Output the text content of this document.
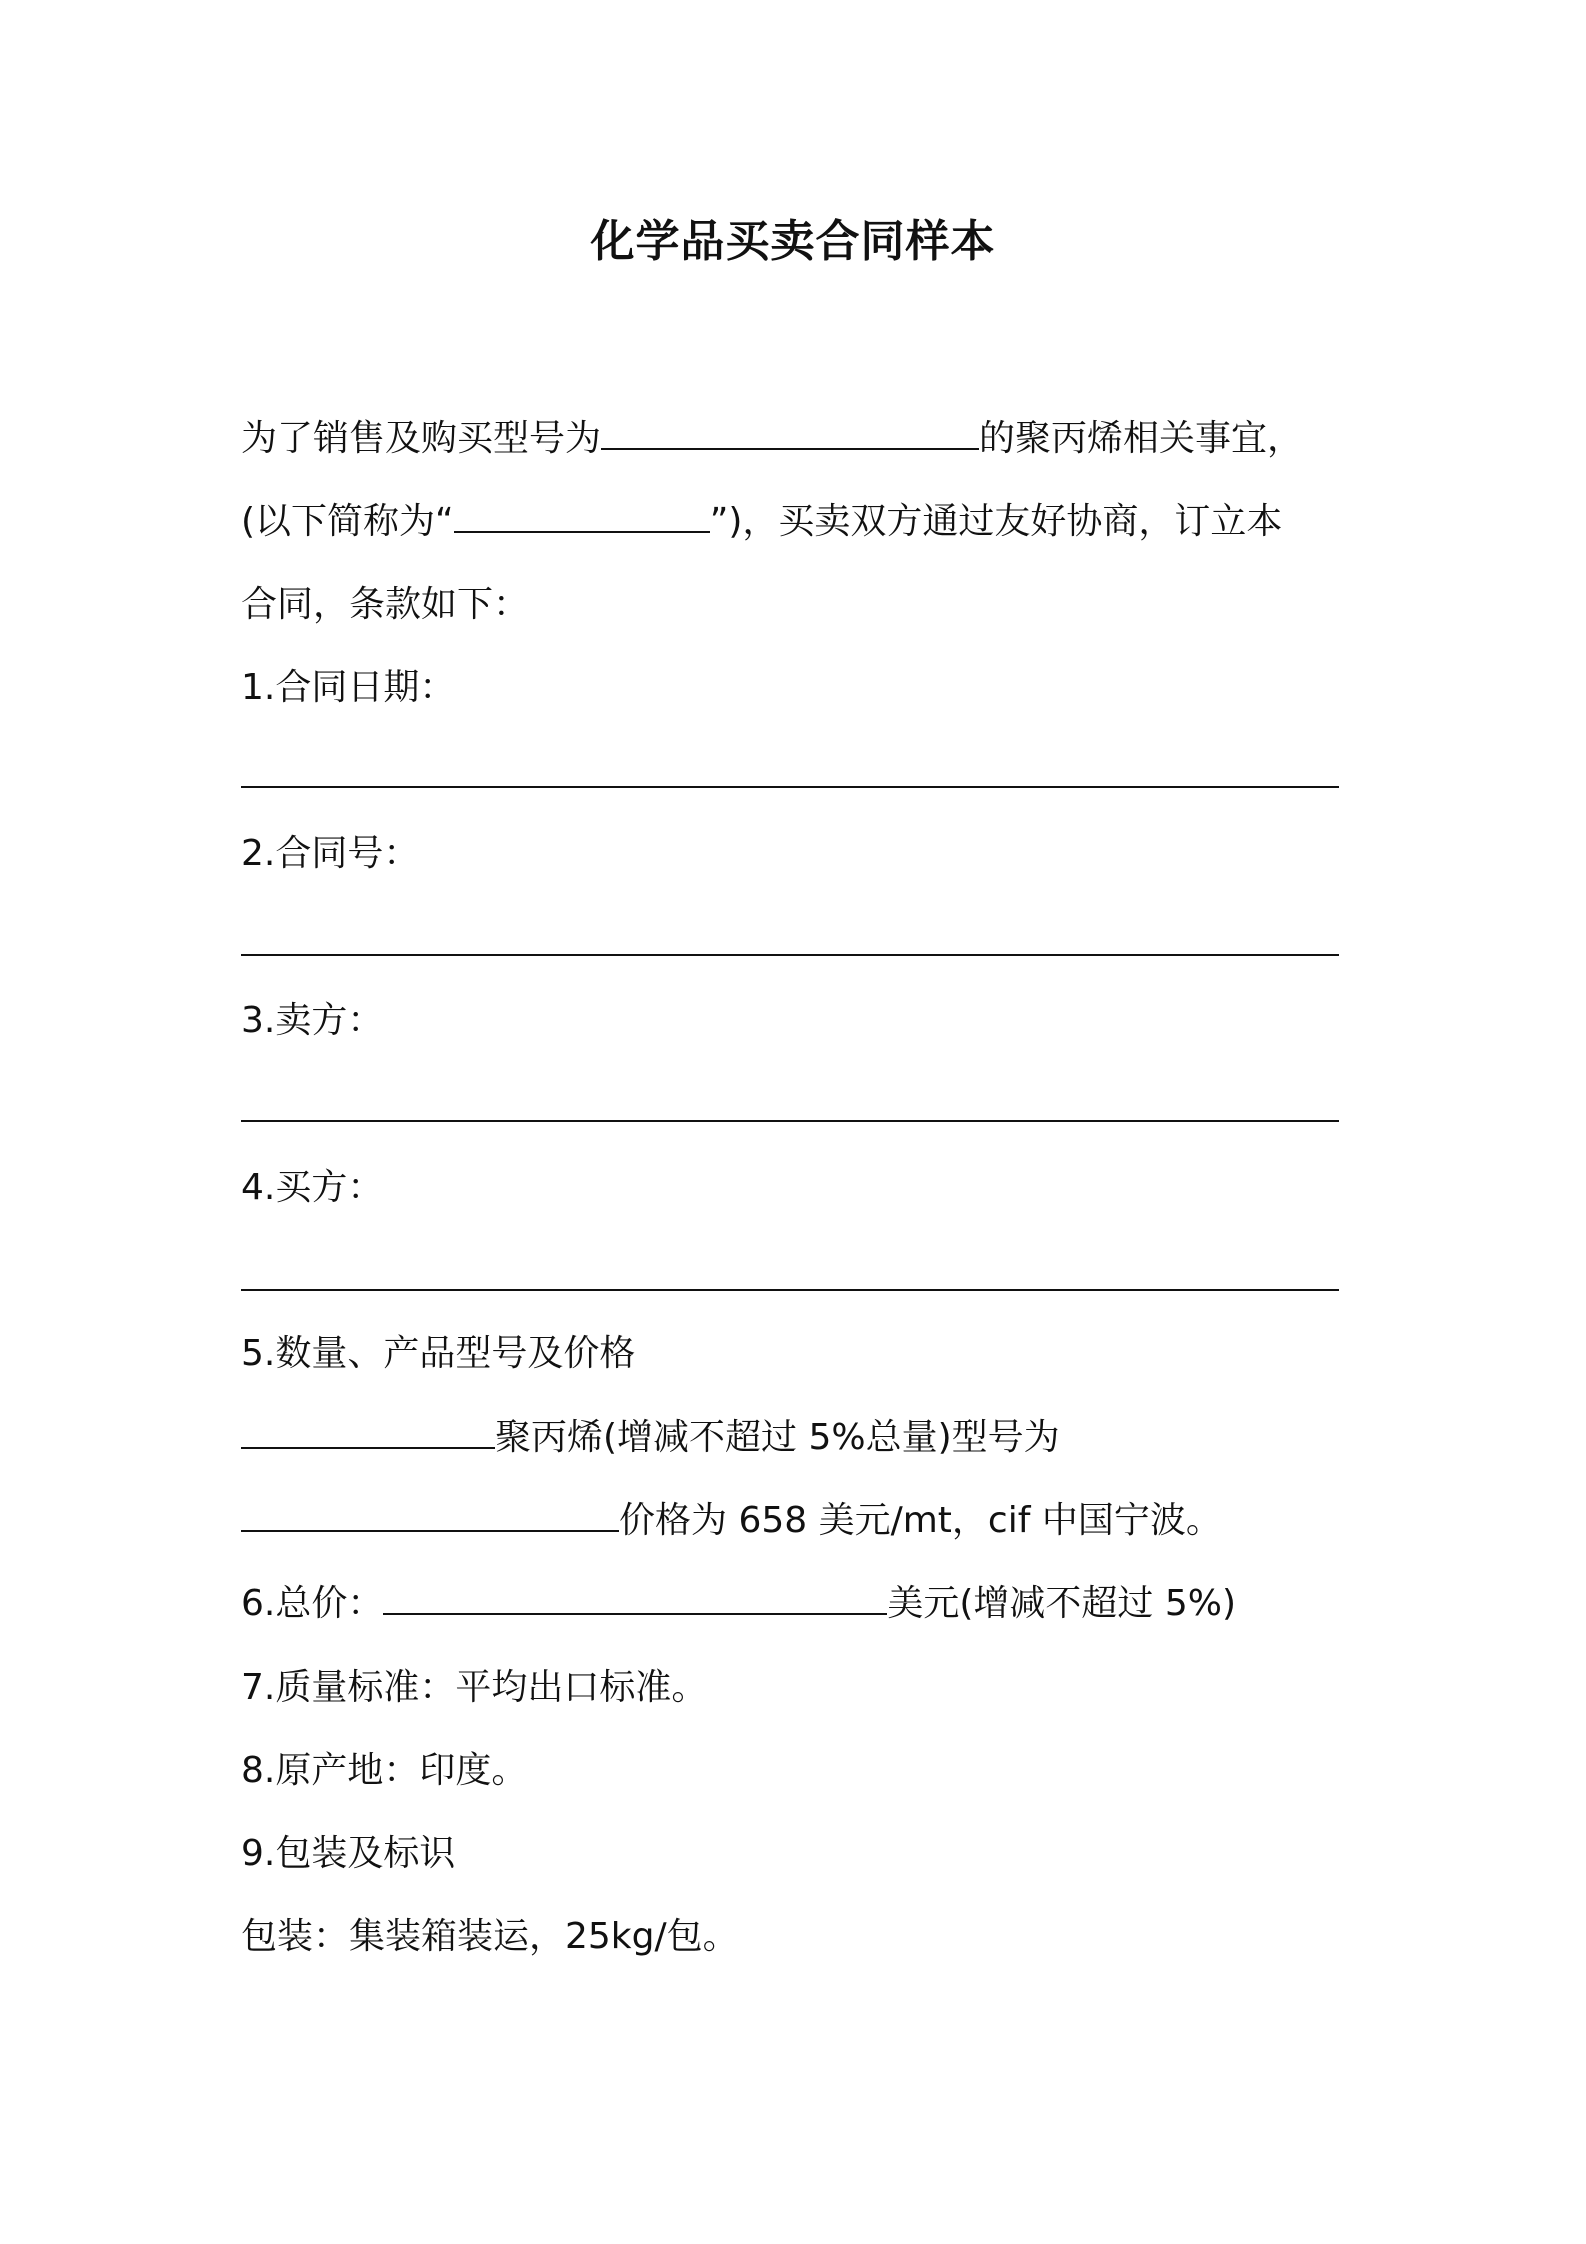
化学品买卖合同样本
为了销售及购买型号为	的聚丙烯相关事宜，
(以下简称为“	”)，买卖双方通过友好协商，订立本
合同，条款如下：
1.合同日期：
2.合同号：
3.卖方：
4.买方：
5.数量、产品型号及价格
聚丙烯(增减不超过 5%总量)型号为
价格为 658 美元/mt，cif 中国宁波。
6.总价：	美元(增减不超过 5%)
7.质量标准：平均出口标准。
8.原产地：印度。
9.包装及标识
包装：集装箱装运，25kg/包。
